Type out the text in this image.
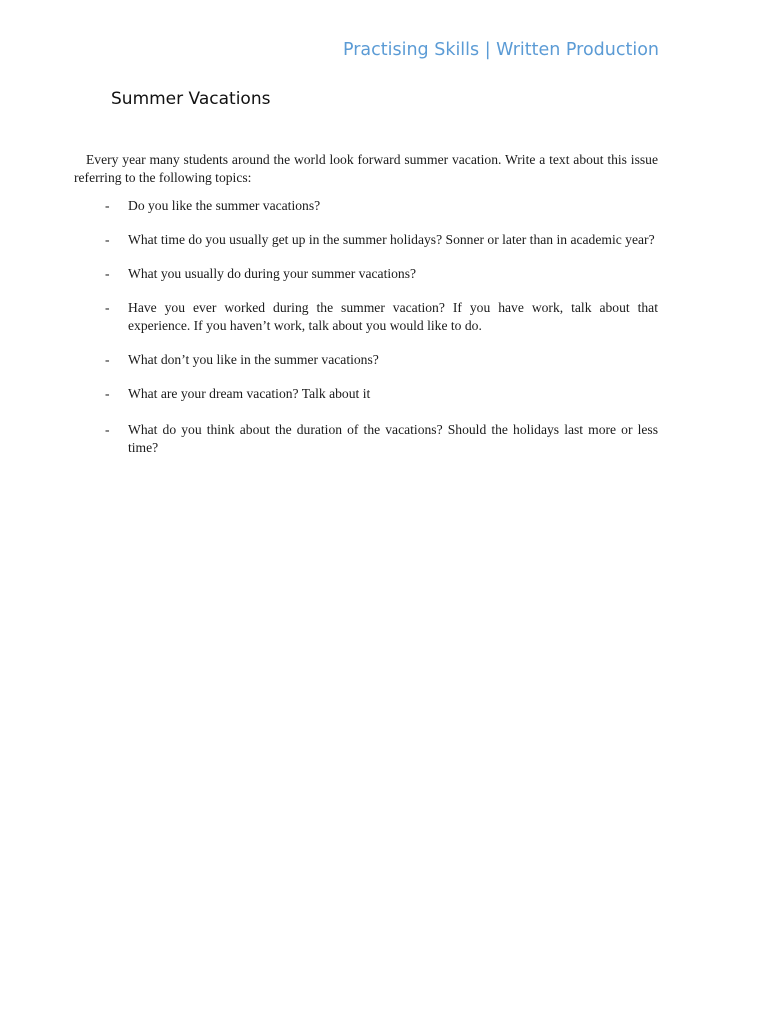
Practising Skills | Written Production
Summer Vacations

Every year many students around the world look forward summer vacation. Write a text about this issue referring to the following topics:

- Do you like the summer vacations?
- What time do you usually get up in the summer holidays? Sonner or later than in academic year?
- What you usually do during your summer vacations?
- Have you ever worked during the summer vacation? If you have work, talk about that experience. If you haven’t work, talk about you would like to do.
- What don’t you like in the summer vacations?
- What are your dream vacation? Talk about it
- What do you think about the duration of the vacations? Should the holidays last more or less time?
